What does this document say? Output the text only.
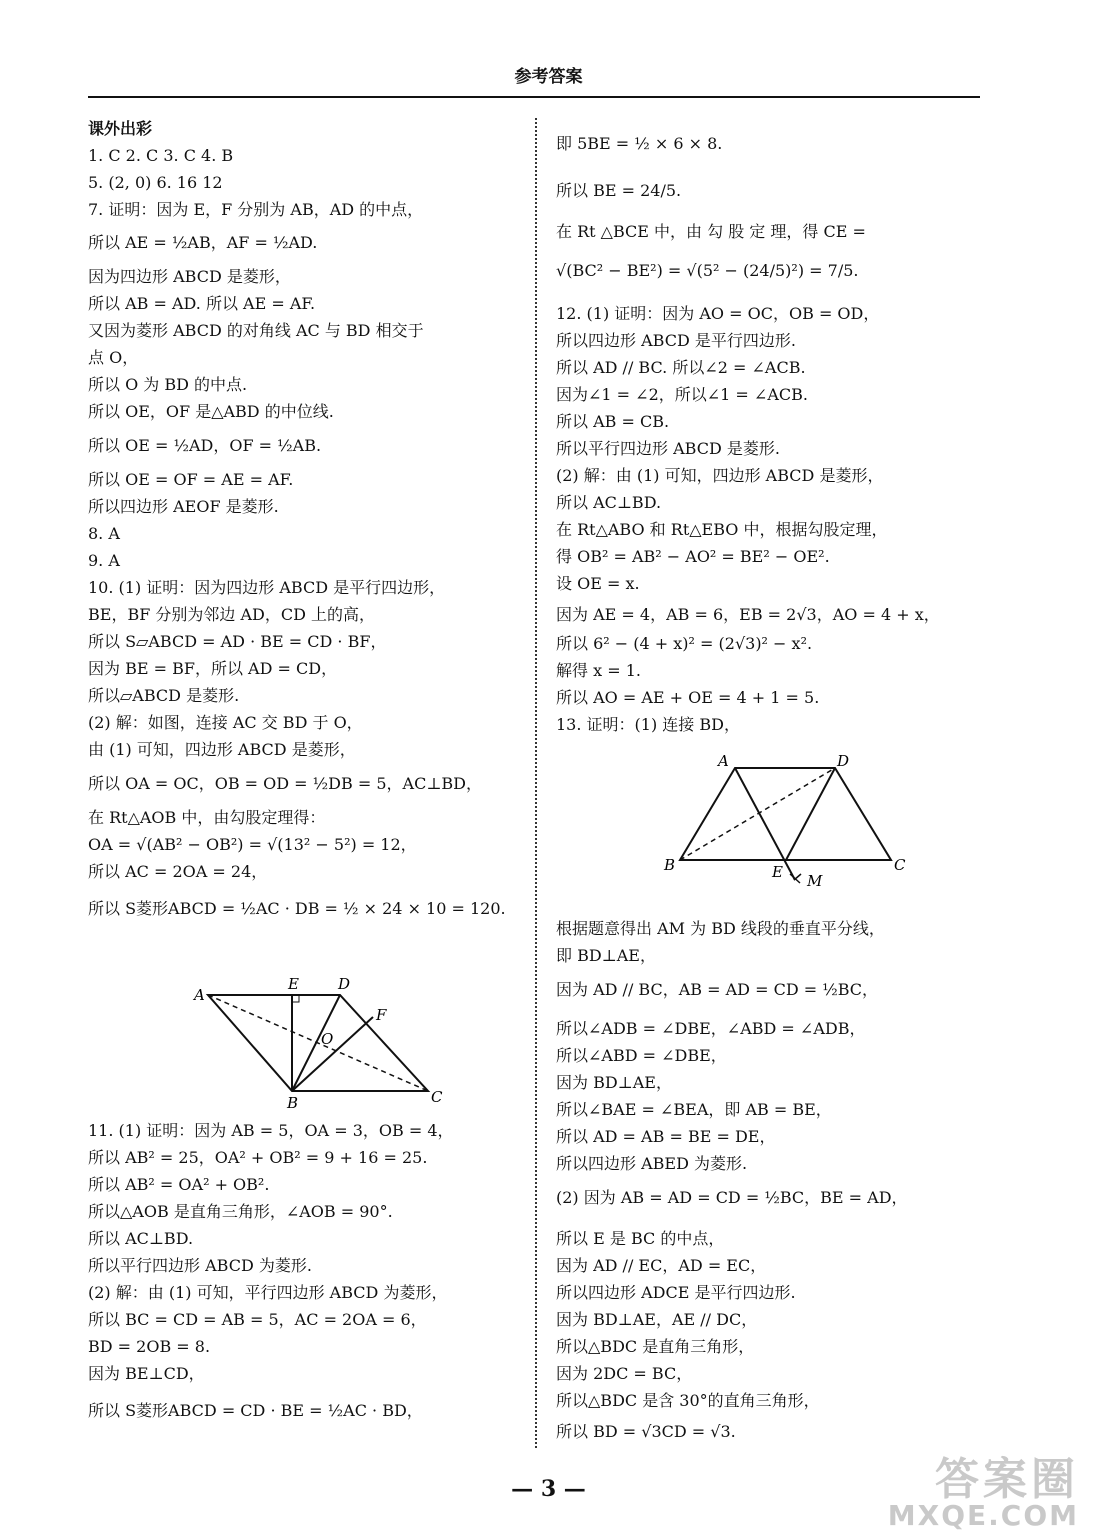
参考答案
课外出彩
1. C 2. C 3. C 4. B
5. (2, 0) 6. 16 12
7. 证明：因为 E，F 分别为 AB，AD 的中点，
所以 AE = ½AB，AF = ½AD.
因为四边形 ABCD 是菱形，
所以 AB = AD. 所以 AE = AF.
又因为菱形 ABCD 的对角线 AC 与 BD 相交于
点 O，
所以 O 为 BD 的中点.
所以 OE，OF 是△ABD 的中位线.
所以 OE = ½AD，OF = ½AB.
所以 OE = OF = AE = AF.
所以四边形 AEOF 是菱形.
8. A
9. A
10. (1) 证明：因为四边形 ABCD 是平行四边形，
BE，BF 分别为邻边 AD，CD 上的高，
所以 S▱ABCD = AD · BE = CD · BF，
因为 BE = BF，所以 AD = CD，
所以▱ABCD 是菱形.
(2) 解：如图，连接 AC 交 BD 于 O，
由 (1) 可知，四边形 ABCD 是菱形，
所以 OA = OC，OB = OD = ½DB = 5，AC⊥BD，
在 Rt△AOB 中，由勾股定理得：
OA = √(AB² − OB²) = √(13² − 5²) = 12，
所以 AC = 2OA = 24，
所以 S菱形ABCD = ½AC · DB = ½ × 24 × 10 = 120.
11. (1) 证明：因为 AB = 5，OA = 3，OB = 4，
所以 AB² = 25，OA² + OB² = 9 + 16 = 25.
所以 AB² = OA² + OB².
所以△AOB 是直角三角形，∠AOB = 90°.
所以 AC⊥BD.
所以平行四边形 ABCD 为菱形.
(2) 解：由 (1) 可知，平行四边形 ABCD 为菱形，
所以 BC = CD = AB = 5，AC = 2OA = 6，
BD = 2OB = 8.
因为 BE⊥CD，
所以 S菱形ABCD = CD · BE = ½AC · BD，
即 5BE = ½ × 6 × 8.
所以 BE = 24/5.
在 Rt △BCE 中，由 勾 股 定 理，得 CE =
√(BC² − BE²) = √(5² − (24/5)²) = 7/5.
12. (1) 证明：因为 AO = OC，OB = OD，
所以四边形 ABCD 是平行四边形.
所以 AD // BC. 所以∠2 = ∠ACB.
因为∠1 = ∠2，所以∠1 = ∠ACB.
所以 AB = CB.
所以平行四边形 ABCD 是菱形.
(2) 解：由 (1) 可知，四边形 ABCD 是菱形，
所以 AC⊥BD.
在 Rt△ABO 和 Rt△EBO 中，根据勾股定理，
得 OB² = AB² − AO² = BE² − OE².
设 OE = x.
因为 AE = 4，AB = 6，EB = 2√3，AO = 4 + x，
所以 6² − (4 + x)² = (2√3)² − x².
解得 x = 1.
所以 AO = AE + OE = 4 + 1 = 5.
13. 证明：(1) 连接 BD，
根据题意得出 AM 为 BD 线段的垂直平分线，
即 BD⊥AE，
因为 AD // BC，AB = AD = CD = ½BC，
所以∠ADB = ∠DBE，∠ABD = ∠ADB，
所以∠ABD = ∠DBE，
因为 BD⊥AE，
所以∠BAE = ∠BEA，即 AB = BE，
所以 AD = AB = BE = DE，
所以四边形 ABED 为菱形.
(2) 因为 AB = AD = CD = ½BC，BE = AD，
所以 E 是 BC 的中点，
因为 AD // EC，AD = EC，
所以四边形 ADCE 是平行四边形.
因为 BD⊥AE，AE // DC，
所以△BDC 是直角三角形，
因为 2DC = BC，
所以△BDC 是含 30°的直角三角形，
所以 BD = √3CD = √3.
A
E	D
F
O
B	C
A	D
B	E M
C
— 3 —	答案圈
MXQE.COM
